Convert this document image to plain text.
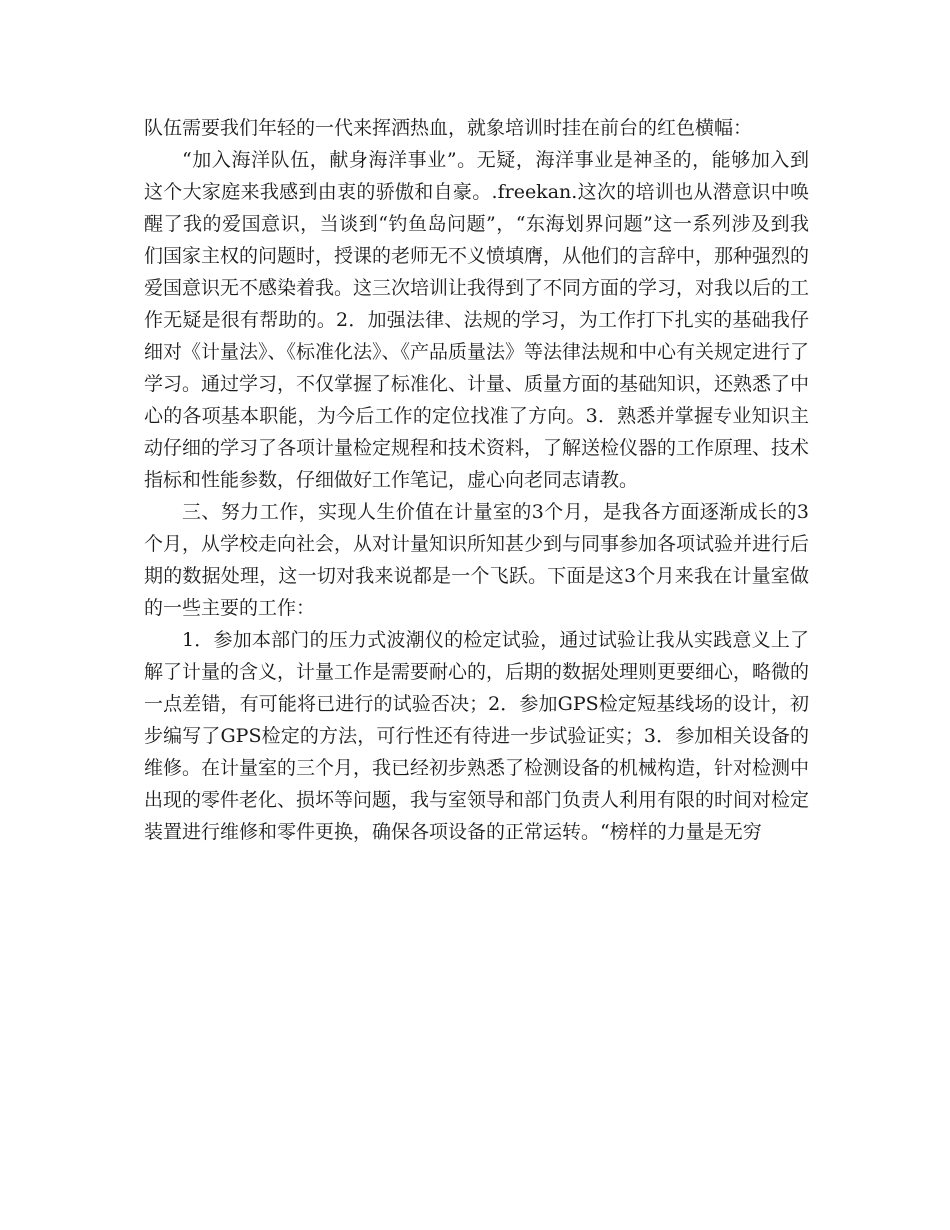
队伍需要我们年轻的一代来挥洒热血，就象培训时挂在前台的红色横幅：

“加入海洋队伍，献身海洋事业”。无疑，海洋事业是神圣的，能够加入到这个大家庭来我感到由衷的骄傲和自豪。.freekan.这次的培训也从潜意识中唤醒了我的爱国意识，当谈到“钓鱼岛问题”，“东海划界问题”这一系列涉及到我们国家主权的问题时，授课的老师无不义愤填膺，从他们的言辞中，那种强烈的爱国意识无不感染着我。这三次培训让我得到了不同方面的学习，对我以后的工作无疑是很有帮助的。2．加强法律、法规的学习，为工作打下扎实的基础我仔细对《计量法》、《标准化法》、《产品质量法》等法律法规和中心有关规定进行了学习。通过学习，不仅掌握了标准化、计量、质量方面的基础知识，还熟悉了中心的各项基本职能，为今后工作的定位找准了方向。3．熟悉并掌握专业知识主动仔细的学习了各项计量检定规程和技术资料，了解送检仪器的工作原理、技术指标和性能参数，仔细做好工作笔记，虚心向老同志请教。

三、努力工作，实现人生价值在计量室的3个月，是我各方面逐渐成长的3个月，从学校走向社会，从对计量知识所知甚少到与同事参加各项试验并进行后期的数据处理，这一切对我来说都是一个飞跃。下面是这3个月来我在计量室做的一些主要的工作：

1．参加本部门的压力式波潮仪的检定试验，通过试验让我从实践意义上了解了计量的含义，计量工作是需要耐心的，后期的数据处理则更要细心，略微的一点差错，有可能将已进行的试验否决；2．参加GPS检定短基线场的设计，初步编写了GPS检定的方法，可行性还有待进一步试验证实；3．参加相关设备的维修。在计量室的三个月，我已经初步熟悉了检测设备的机械构造，针对检测中出现的零件老化、损坏等问题，我与室领导和部门负责人利用有限的时间对检定装置进行维修和零件更换，确保各项设备的正常运转。“榜样的力量是无穷
